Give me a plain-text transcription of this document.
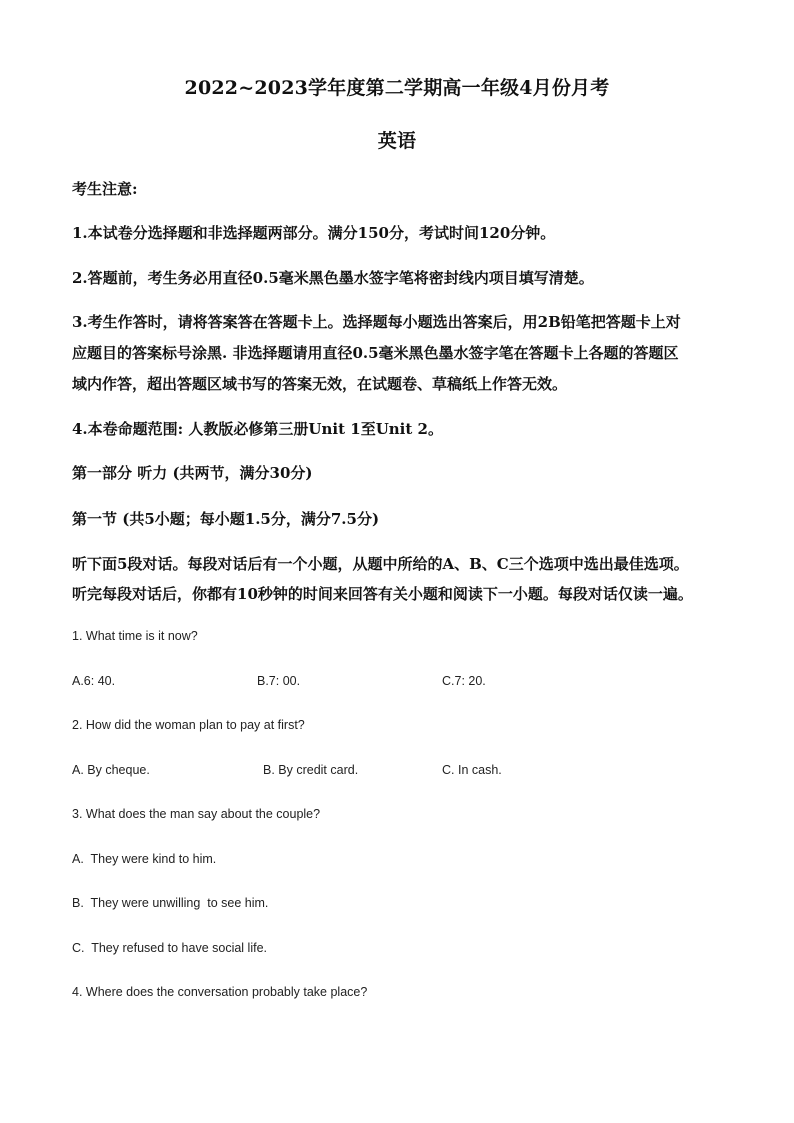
2022~2023学年度第二学期高一年级4月份月考
英语
考生注意:
1.本试卷分选择题和非选择题两部分。满分150分，考试时间120分钟。
2.答题前，考生务必用直径0.5毫米黑色墨水签字笔将密封线内项目填写清楚。
3.考生作答时，请将答案答在答题卡上。选择题每小题选出答案后，用2B铅笔把答题卡上对
应题目的答案标号涂黑. 非选择题请用直径0.5毫米黑色墨水签字笔在答题卡上各题的答题区
域内作答，超出答题区域书写的答案无效，在试题卷、草稿纸上作答无效。
4.本卷命题范围: 人教版必修第三册Unit 1至Unit 2。
第一部分 听力 (共两节，满分30分)
第一节 (共5小题；每小题1.5分，满分7.5分)
听下面5段对话。每段对话后有一个小题，从题中所给的A、B、C三个选项中选出最佳选项。
听完每段对话后，你都有10秒钟的时间来回答有关小题和阅读下一小题。每段对话仅读一遍。
1. What time is it now?
A.6: 40.	B.7: 00.	C.7: 20.
2. How did the woman plan to pay at first?
A. By cheque.	B. By credit card.	C. In cash.
3. What does the man say about the couple?
A.  They were kind to him.
B.  They were unwilling  to see him.
C.  They refused to have social life.
4. Where does the conversation probably take place?
